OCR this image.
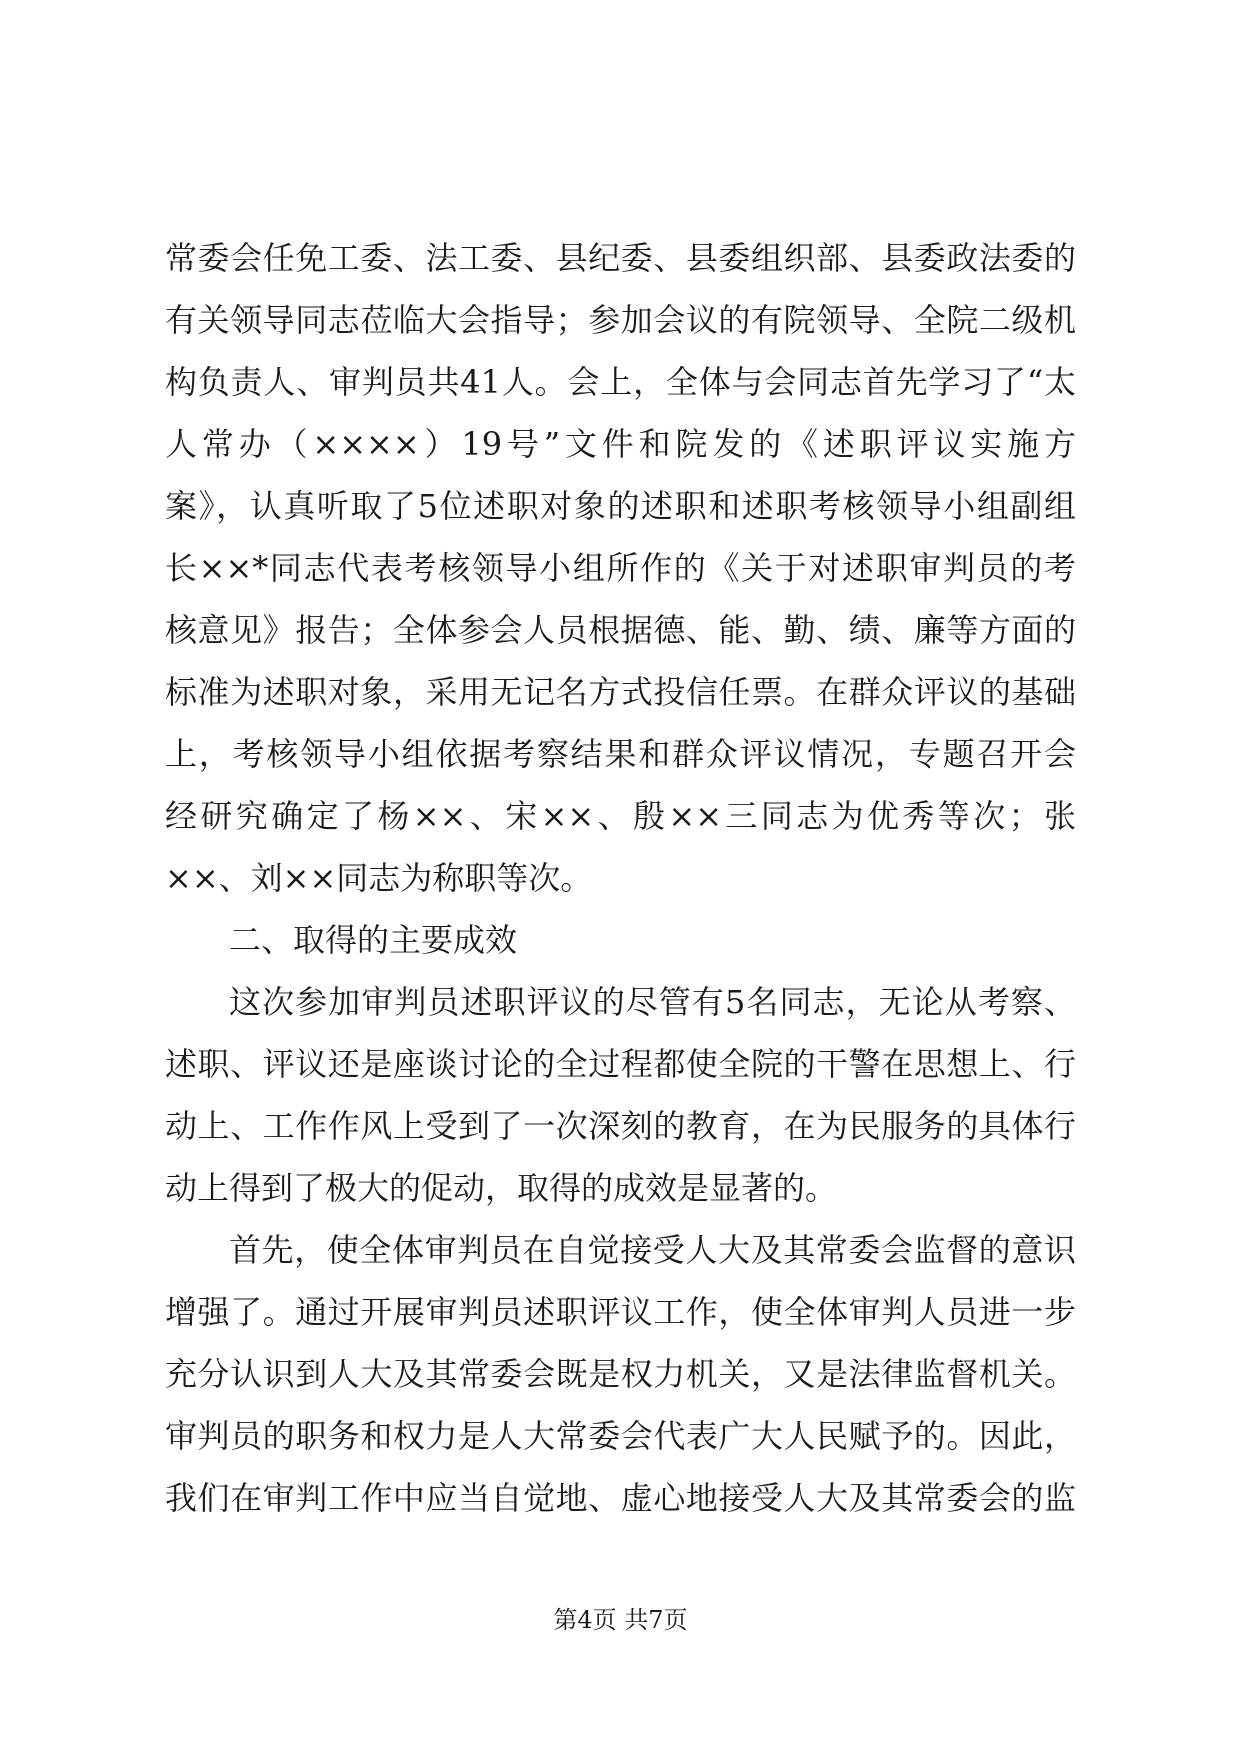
常委会任免工委、法工委、县纪委、县委组织部、县委政法委的
有关领导同志莅临大会指导；参加会议的有院领导、全院二级机
构负责人、审判员共41人。会上，全体与会同志首先学习了“太
人常办（××××）19号”文件和院发的《述职评议实施方
案》，认真听取了5位述职对象的述职和述职考核领导小组副组
长××*同志代表考核领导小组所作的《关于对述职审判员的考
核意见》报告；全体参会人员根据德、能、勤、绩、廉等方面的
标准为述职对象，采用无记名方式投信任票。在群众评议的基础
上，考核领导小组依据考察结果和群众评议情况，专题召开会
经研究确定了杨××、宋××、殷××三同志为优秀等次；张
××、刘××同志为称职等次。
二、取得的主要成效
这次参加审判员述职评议的尽管有5名同志，无论从考察、
述职、评议还是座谈讨论的全过程都使全院的干警在思想上、行
动上、工作作风上受到了一次深刻的教育，在为民服务的具体行
动上得到了极大的促动，取得的成效是显著的。
首先，使全体审判员在自觉接受人大及其常委会监督的意识
增强了。通过开展审判员述职评议工作，使全体审判人员进一步
充分认识到人大及其常委会既是权力机关，又是法律监督机关。
审判员的职务和权力是人大常委会代表广大人民赋予的。因此，
我们在审判工作中应当自觉地、虚心地接受人大及其常委会的监
第4页 共7页
